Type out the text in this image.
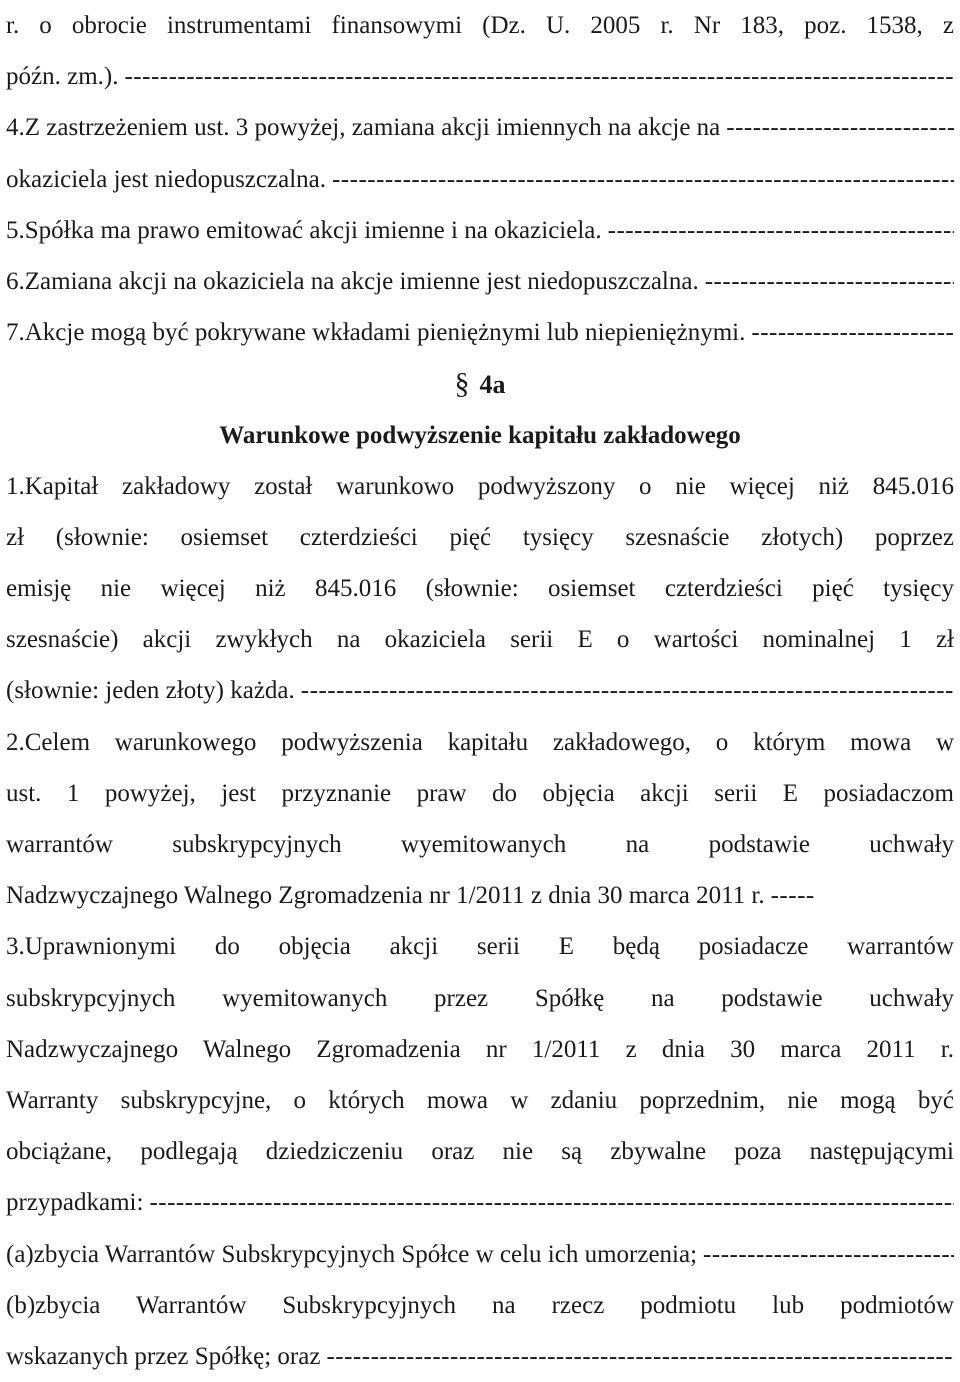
r. o obrocie instrumentami finansowymi (Dz. U. 2005 r. Nr 183, poz. 1538, z
późn. zm.).
-----
4.Z zastrzeżeniem ust. 3 powyżej, zamiana akcji imiennych na akcje na
-----
okaziciela jest niedopuszczalna.
-----
5.Spółka ma prawo emitować akcji imienne i na okaziciela.
-----
6.Zamiana akcji na okaziciela na akcje imienne jest niedopuszczalna.
-----
7.Akcje mogą być pokrywane wkładami pieniężnymi lub niepieniężnymi.
-----
§ 4a
Warunkowe podwyższenie kapitału zakładowego
1.Kapitał zakładowy został warunkowo podwyższony o nie więcej niż 845.016
zł (słownie: osiemset czterdzieści pięć tysięcy szesnaście złotych) poprzez
emisję nie więcej niż 845.016 (słownie: osiemset czterdzieści pięć tysięcy
szesnaście) akcji zwykłych na okaziciela serii E o wartości nominalnej 1 zł
(słownie: jeden złoty) każda.
-----
2.Celem warunkowego podwyższenia kapitału zakładowego, o którym mowa w
ust. 1 powyżej, jest przyznanie praw do objęcia akcji serii E posiadaczom
warrantów subskrypcyjnych wyemitowanych na podstawie uchwały
Nadzwyczajnego Walnego Zgromadzenia nr 1/2011 z dnia 30 marca 2011 r.
-----
3.Uprawnionymi do objęcia akcji serii E będą posiadacze warrantów
subskrypcyjnych wyemitowanych przez Spółkę na podstawie uchwały
Nadzwyczajnego Walnego Zgromadzenia nr 1/2011 z dnia 30 marca 2011 r.
Warranty subskrypcyjne, o których mowa w zdaniu poprzednim, nie mogą być
obciążane, podlegają dziedziczeniu oraz nie są zbywalne poza następującymi
przypadkami:
-----
(a)zbycia Warrantów Subskrypcyjnych Spółce w celu ich umorzenia;
-----
(b)zbycia Warrantów Subskrypcyjnych na rzecz podmiotu lub podmiotów
wskazanych przez Spółkę; oraz
-----
